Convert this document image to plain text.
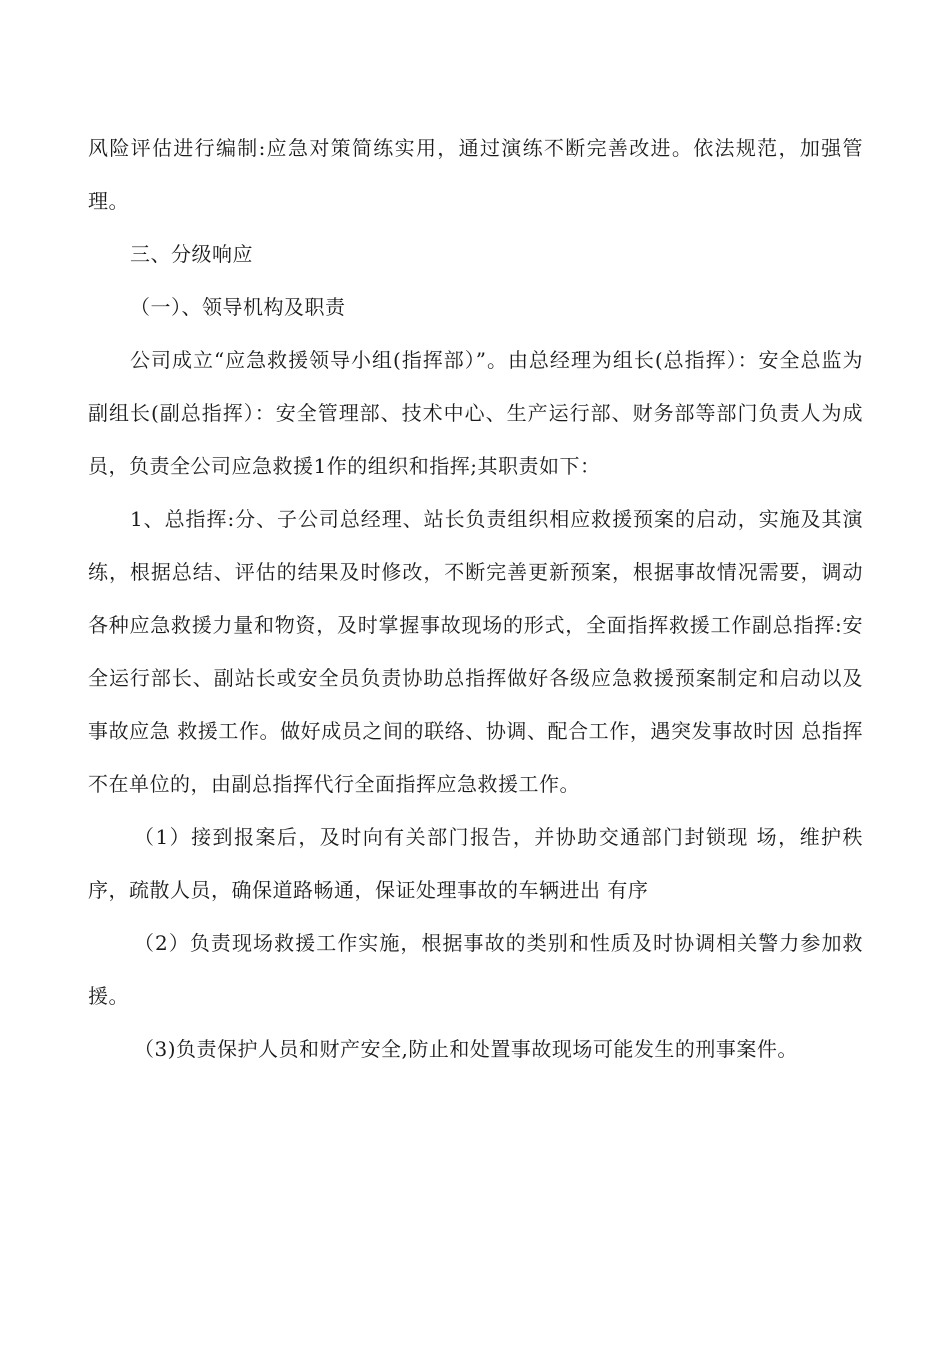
风险评估进行编制:应急对策简练实用，通过演练不断完善改进。依法规范，加强管理。

三、分级响应

（一）、领导机构及职责

公司成立“应急救援领导小组(指挥部）”。由总经理为组长(总指挥）：安全总监为副组长(副总指挥）：安全管理部、技术中心、生产运行部、财务部等部门负责人为成员，负责全公司应急救援1作的组织和指挥;其职责如下：

1、总指挥:分、子公司总经理、站长负责组织相应救援预案的启动，实施及其演练，根据总结、评估的结果及时修改，不断完善更新预案，根据事故情况需要，调动各种应急救援力量和物资，及时掌握事故现场的形式，全面指挥救援工作副总指挥:安全运行部长、副站长或安全员负责协助总指挥做好各级应急救援预案制定和启动以及事故应急 救援工作。做好成员之间的联络、协调、配合工作，遇突发事故时因 总指挥不在单位的，由副总指挥代行全面指挥应急救援工作。

（1）接到报案后，及时向有关部门报告，并协助交通部门封锁现 场，维护秩序，疏散人员，确保道路畅通，保证处理事故的车辆进出 有序

（2）负责现场救援工作实施，根据事故的类别和性质及时协调相关警力参加救援。

（3)负责保护人员和财产安全,防止和处置事故现场可能发生的刑事案件。
